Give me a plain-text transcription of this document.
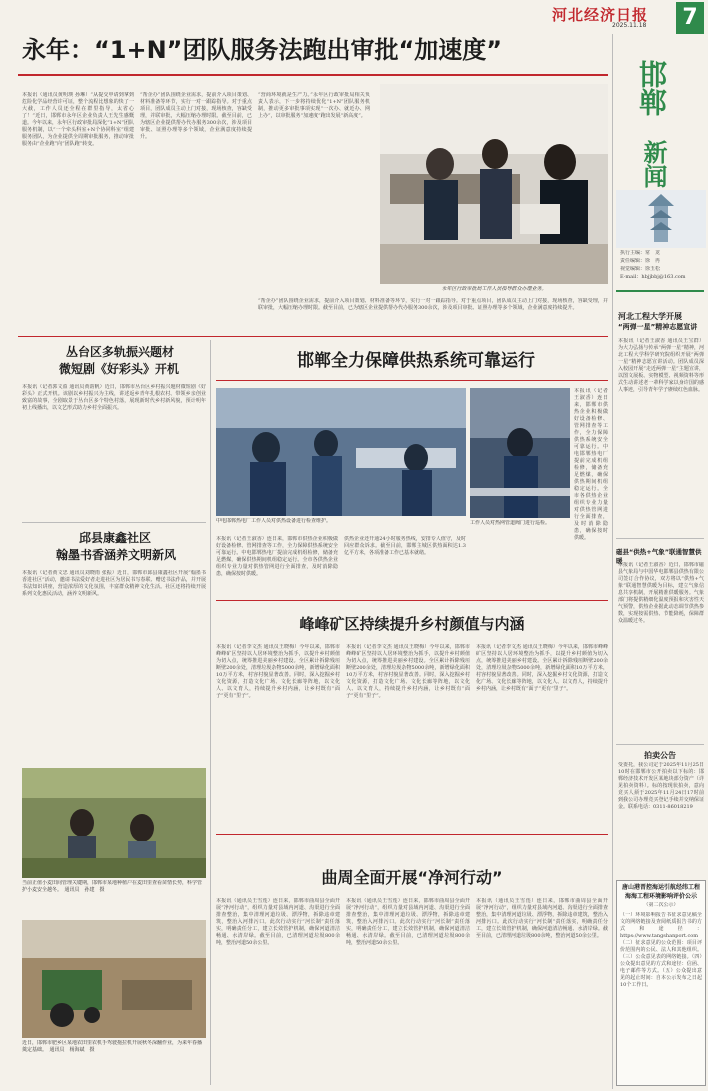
河北经济日报
2025.11.18 7
永年：“1+N”团队服务法跑出审批“加速度”
本报讯（通讯员黄明瑛 孙琳）“从提交申请到拿到危险化学品经营许可证，整个流程比想象的快了一大截，工作人员还全程在群里指导，太省心了！”近日，邯郸市永年区企业负责人王先生感慨道。今年以来，永年区行政审批局深化“1+N”团队服务机制，以“一个牵头科室+N个协同科室”组建服务团队，为企业提供全周期审批服务，推动审批服务由“企业跑”向“团队跑”转变。
“帮企办”团队围绕企业需求，提前介入项目策划、材料准备等环节，实行一对一跟踪指导。对于重点项目，团队成员主动上门对接，现场核查，容缺受理，并联审批，大幅压缩办理时限。截至目前，已为辖区企业提供帮办代办服务300余次，涉及项目审批、证照办理等多个领域，企业满意度持续提升。
“营商环境就是生产力。”永年区行政审批局相关负责人表示，下一步将持续优化“1+N”团队服务机制，推动更多审批事项实现“一次办、就近办、网上办”，以审批服务“加速度”跑出发展“新高度”。
永年区行政审批局工作人员指导群众办理业务。
“帮企办”团队围绕企业需求，提前介入项目策划、材料准备等环节，实行一对一跟踪指导。对于重点项目，团队成员主动上门对接，现场核查，容缺受理，并联审批，大幅压缩办理时限。截至目前，已为辖区企业提供帮办代办服务300余次，涉及项目审批、证照办理等多个领域，企业满意度持续提升。
丛台区多轨振兴题材
微短剧《好彩头》开机
本报讯（记者郭文盈 通讯员黄韵帆）近日，邯郸市丛台区乡村振兴题材微短剧《好彩头》正式开机。该剧以乡村振兴为主线，讲述返乡青年扎根农村、带领乡亲创业致富的故事，全剧取景于丛台区多个特色村落，展现新时代乡村新风貌，预计明年初上线播出，以文艺形式助力乡村全面振兴。
邱县康鑫社区
翰墨书香涵养文明新风
本报讯（记者黄文忠 通讯员刘晓雨 张振）近日，邯郸市邱县康鑫社区开展“翰墨书香进社区”活动，邀请书法爱好者走进社区为居民书写春联、赠送书法作品，并开展书法知识讲座，营造浓厚的文化氛围，丰富群众精神文化生活。社区还将持续开展系列文化惠民活动，涵养文明新风。
当前正值小麦田间管理关键期，邯郸市某地种植户在麦田里查看苗情长势，科学管护小麦安全越冬。　通讯员　孙建　摄
近日，邯郸市肥乡区某地农田里农机手驾驶拖拉机开展秋冬深翻作业，为来年春播奠定基础。　通讯员　杨海斌　摄
邯郸全力保障供热系统可靠运行
中电邯郸热电厂工作人员对供热设备进行检查维护。	工作人员对热网管道阀门进行巡检。
本报讯（记者王淑香）连日来，邯郸市供热企业积极做好设备检修、管网排查等工作，全力保障供热系统安全可靠运行。中电邯郸热电厂提前完成机组检修，储备充足燃煤，确保供热期间机组稳定运行。全市各供热企业组织专业力量对供热管网进行全面排查，及时消除隐患，确保按时供暖。
供热企业还开通24小时服务热线，安排专人值守，及时回应群众诉求。截至目前，邯郸主城区供热面积达1.3亿平方米，各项准备工作已基本就绪。
本报讯（记者王淑香）连日来，邯郸市供热企业积极做好设备检修、管网排查等工作，全力保障供热系统安全可靠运行。中电邯郸热电厂提前完成机组检修，储备充足燃煤，确保供热期间机组稳定运行。全市各供热企业组织专业力量对供热管网进行全面排查，及时消除隐患，确保按时供暖。
峰峰矿区持续提升乡村颜值与内涵
本报讯（记者李文杰 通讯员王晓梅）今年以来，邯郸市峰峰矿区坚持以人居环境整治为抓手，以提升乡村颜值为切入点，统筹推进美丽乡村建设。全区累计拆除残垣断壁200余处，清理垃圾杂物5000余吨，新增绿化面积10万平方米，村容村貌显著改善。同时，深入挖掘乡村文化资源，打造文化广场、文化长廊等阵地，以文化人、以文育人，持续提升乡村内涵，让乡村既有“面子”更有“里子”。
本报讯（记者李文杰 通讯员王晓梅）今年以来，邯郸市峰峰矿区坚持以人居环境整治为抓手，以提升乡村颜值为切入点，统筹推进美丽乡村建设。全区累计拆除残垣断壁200余处，清理垃圾杂物5000余吨，新增绿化面积10万平方米，村容村貌显著改善。同时，深入挖掘乡村文化资源，打造文化广场、文化长廊等阵地，以文化人、以文育人，持续提升乡村内涵，让乡村既有“面子”更有“里子”。
本报讯（记者李文杰 通讯员王晓梅）今年以来，邯郸市峰峰矿区坚持以人居环境整治为抓手，以提升乡村颜值为切入点，统筹推进美丽乡村建设。全区累计拆除残垣断壁200余处，清理垃圾杂物5000余吨，新增绿化面积10万平方米，村容村貌显著改善。同时，深入挖掘乡村文化资源，打造文化广场、文化长廊等阵地，以文化人、以文育人，持续提升乡村内涵，让乡村既有“面子”更有“里子”。
曲周全面开展“净河行动”
本报讯（通讯员王雪莲）连日来，邯郸市曲周县全面开展“净河行动”，组织力量对县域内河道、沟渠进行全面排查整治，集中清理河道垃圾、漂浮物，拆除违章建筑，整治入河排污口。此次行动实行“河长制”责任落实，明确责任分工，建立长效管护机制，确保河道清洁畅通、水清岸绿。截至目前，已清理河道垃圾800余吨，整治河道50余公里。
本报讯（通讯员王雪莲）连日来，邯郸市曲周县全面开展“净河行动”，组织力量对县域内河道、沟渠进行全面排查整治，集中清理河道垃圾、漂浮物，拆除违章建筑，整治入河排污口。此次行动实行“河长制”责任落实，明确责任分工，建立长效管护机制，确保河道清洁畅通、水清岸绿。截至目前，已清理河道垃圾800余吨，整治河道50余公里。
本报讯（通讯员王雪莲）连日来，邯郸市曲周县全面开展“净河行动”，组织力量对县域内河道、沟渠进行全面排查整治，集中清理河道垃圾、漂浮物，拆除违章建筑，整治入河排污口。此次行动实行“河长制”责任落实，明确责任分工，建立长效管护机制，确保河道清洁畅通、水清岸绿。截至目前，已清理河道垃圾800余吨，整治河道50余公里。
邯郸
新闻
执行主编：常　龙
责任编辑：徐　冉
视觉编辑：徐玉松
E-mail：hbjjbbj@163.com
河北工程大学开展
“两弹一星”精神志愿宣讲
本报讯（记者王淑香 通讯员王宝群）为大力弘扬与传承“两弹一星”精神，河北工程大学科学研究院组织开展“两弹一星”精神志愿宣讲活动。团队成员深入校园开展“走近两弹一星”主题宣讲，以图文展板、实物模型、视频资料等形式生动讲述老一辈科学家以身许国的感人事迹，引导青年学子赓续红色血脉。
磁县“供热+气象”联通智慧供暖
本报讯（记者王淑香）近日，邯郸市磁县气象局与中国华电邯郸县供热有限公司签订合作协议，双方将以“供热+气象”联通智慧供暖为目标，建立气象信息共享机制，开展精准供暖服务。气象部门将提供精细化温度预报和灾害性天气预警，供热企业据此动态调节供热参数，实现按需供热、节能降耗，保障群众温暖过冬。
拍卖公告
受委托，我公司定于2025年11月25日10时在邯郸市公开拍卖以下标的：邯郸经济技术开发区某地块部分资产（详见拍卖资料）。标的按现状拍卖，意向竞买人须于2025年11月24日17时前到我公司办理竞买登记手续并交纳保证金。联系电话：0311-86018219
唐山港晋控海运引航经纬工程
海海工程环境影响评价公示
（第二次公示）
（一）环境影响报告书征求意见稿全文的网络链接及查阅纸质报告书的方式和途径：https://www.tangshanport.com（二）征求意见的公众范围：项目评价范围内的公民、法人和其他组织。（三）公众意见表的网络链接。（四）公众提出意见的方式和途径：信函、电子邮件等方式。（五）公众提出意见的起止时间：自本公示发布之日起10个工作日。
